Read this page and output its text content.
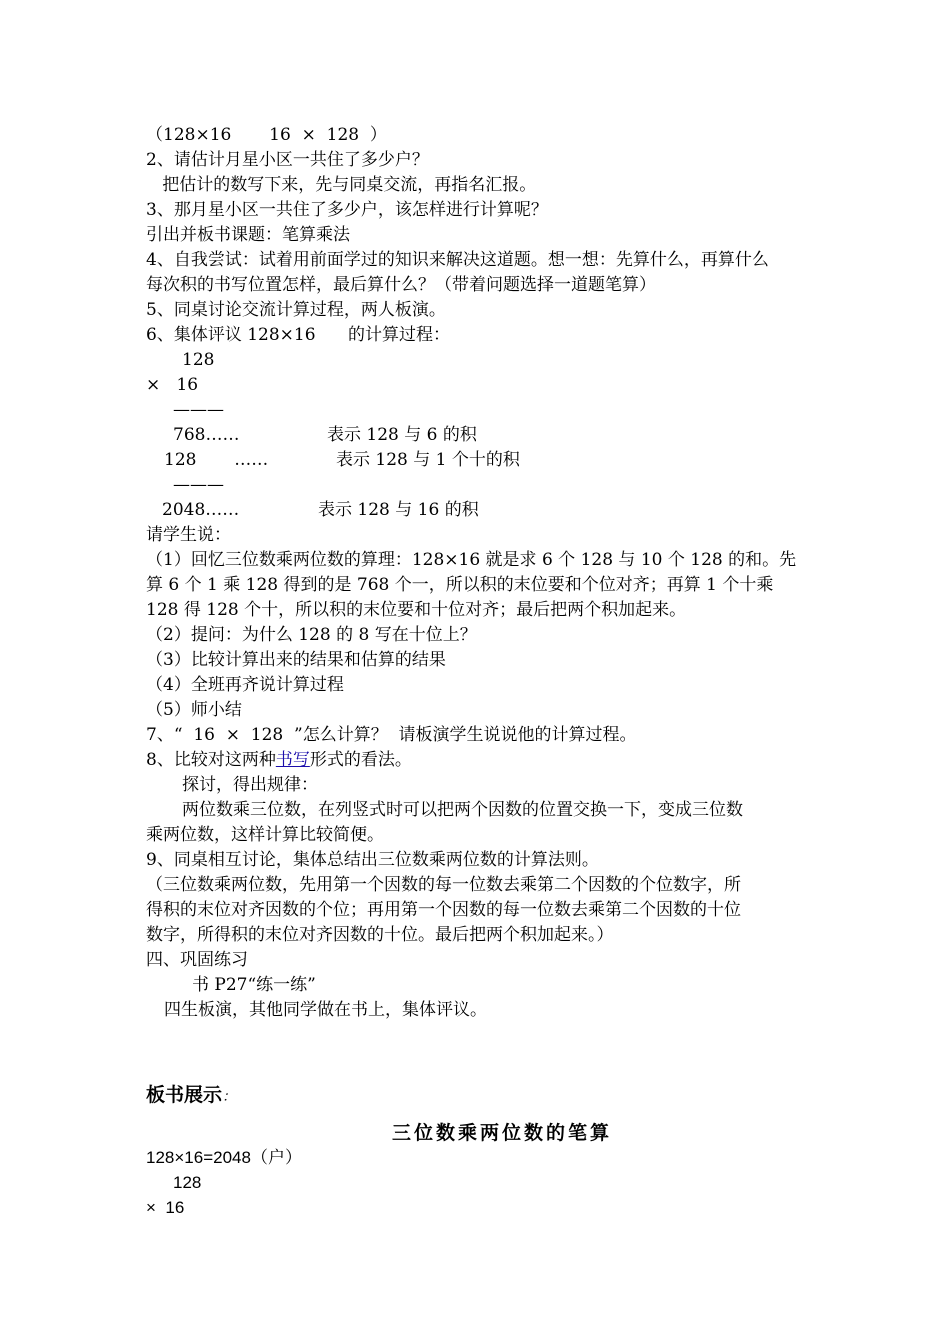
（128×16       16  ×  128  ）
2、请估计月星小区一共住了多少户？
把估计的数写下来，先与同桌交流，再指名汇报。
3、那月星小区一共住了多少户，该怎样进行计算呢？
引出并板书课题：笔算乘法
4、自我尝试：试着用前面学过的知识来解决这道题。想一想：先算什么，再算什么
每次积的书写位置怎样，最后算什么？（带着问题选择一道题笔算）
5、同桌讨论交流计算过程，两人板演。
6、集体评议 128×16      的计算过程：
128
×   16
———
768……	表示 128 与 6 的积
128       ……	表示 128 与 1 个十的积
———
2048……	表示 128 与 16 的积
请学生说：
（1）回忆三位数乘两位数的算理：128×16 就是求 6 个 128 与 10 个 128 的和。先
算 6 个 1 乘 128 得到的是 768 个一，所以积的末位要和个位对齐；再算 1 个十乘
128 得 128 个十，所以积的末位要和十位对齐；最后把两个积加起来。
（2）提问：为什么 128 的 8 写在十位上？
（3）比较计算出来的结果和估算的结果
（4）全班再齐说计算过程
（5）师小结
7、“  16  ×  128  ”怎么计算？  请板演学生说说他的计算过程。
8、比较对这两种书写形式的看法。
探讨，得出规律：
两位数乘三位数，在列竖式时可以把两个因数的位置交换一下，变成三位数
乘两位数，这样计算比较简便。
9、同桌相互讨论，集体总结出三位数乘两位数的计算法则。
（三位数乘两位数，先用第一个因数的每一位数去乘第二个因数的个位数字，所
得积的末位对齐因数的个位；再用第一个因数的每一位数去乘第二个因数的十位
数字，所得积的末位对齐因数的十位。最后把两个积加起来。）
四、巩固练习
书 P27“练一练”
四生板演，其他同学做在书上，集体评议。
板书展示：
三位数乘两位数的笔算
128×16=2048（户）
128
×  16
